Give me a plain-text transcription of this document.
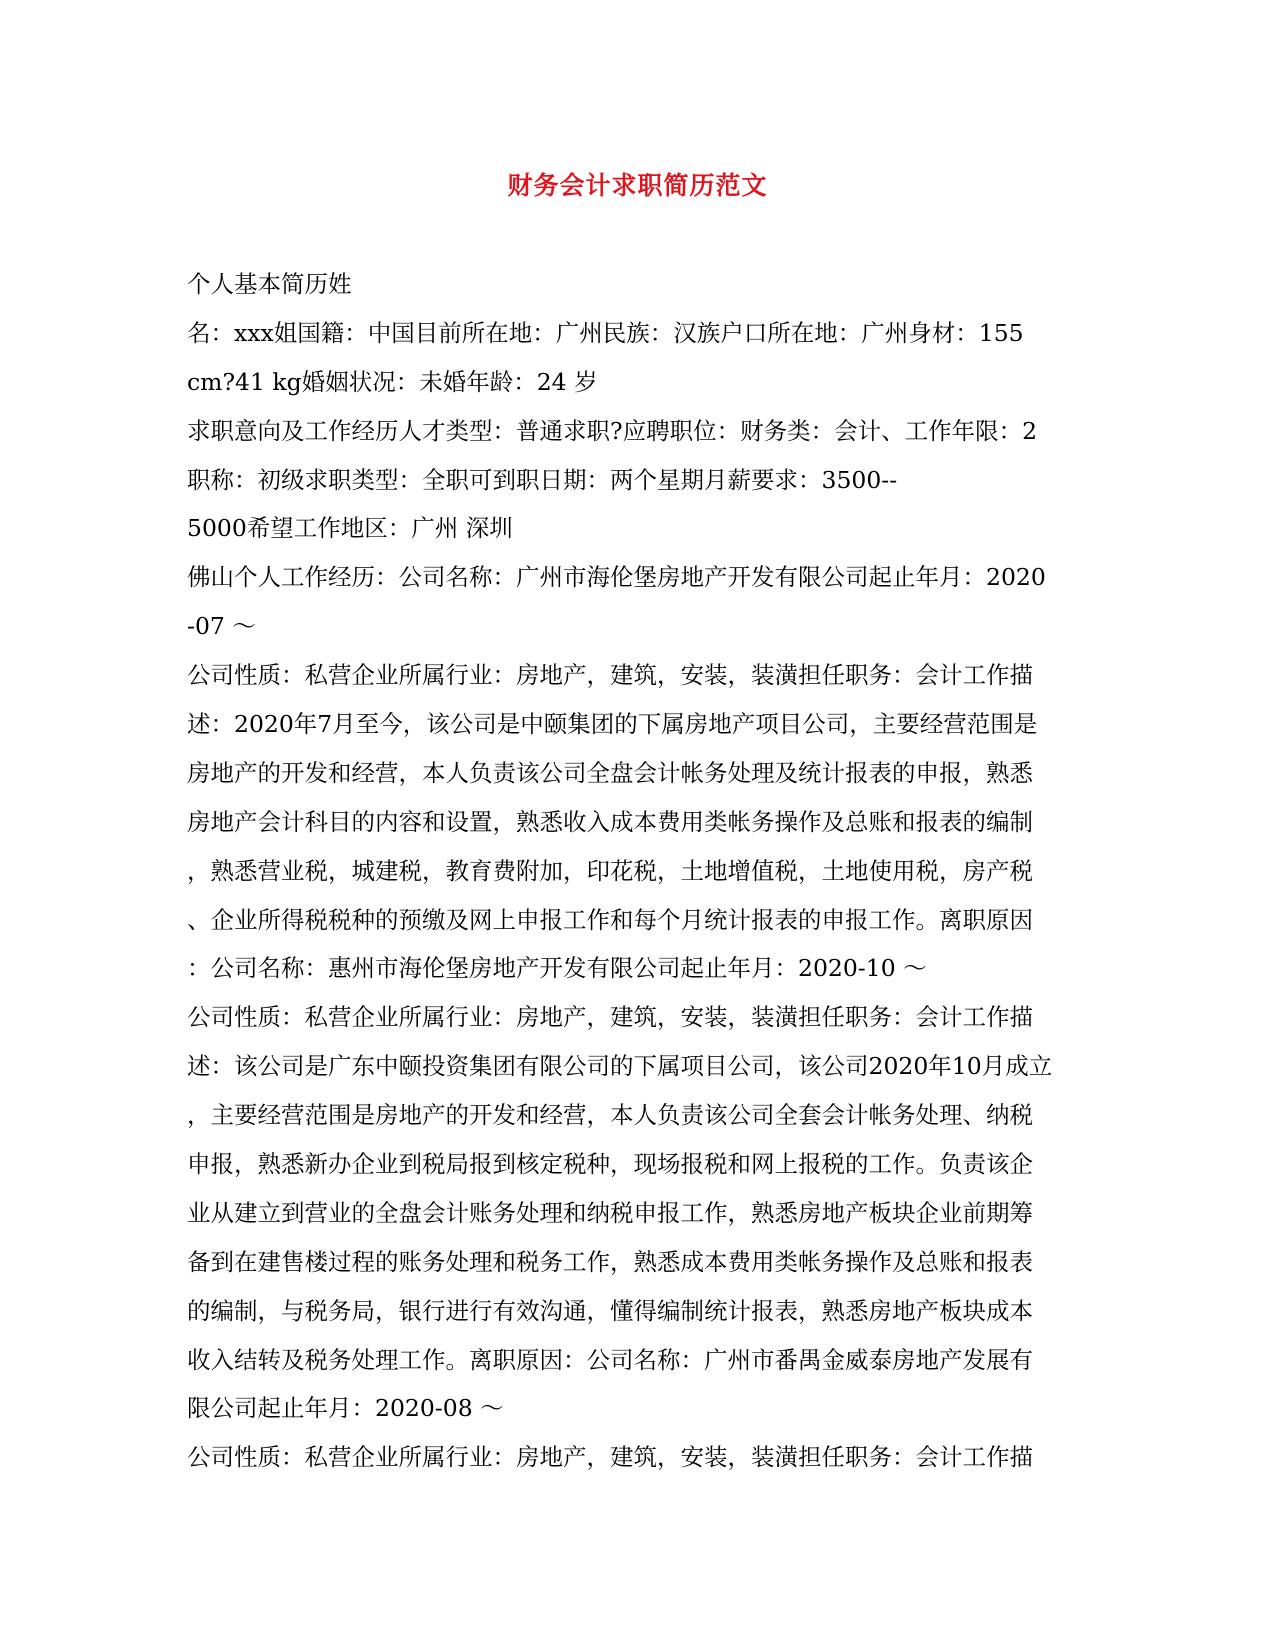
财务会计求职简历范文
个人基本简历姓
名：xxx姐国籍：中国目前所在地：广州民族：汉族户口所在地：广州身材：155
cm?41 kg婚姻状况：未婚年龄：24 岁
求职意向及工作经历人才类型：普通求职?应聘职位：财务类：会计、工作年限：2
职称：初级求职类型：全职可到职日期：两个星期月薪要求：3500--
5000希望工作地区：广州 深圳
佛山个人工作经历：公司名称：广州市海伦堡房地产开发有限公司起止年月：2020
-07 ～
公司性质：私营企业所属行业：房地产，建筑，安装，装潢担任职务：会计工作描
述：2020年7月至今，该公司是中颐集团的下属房地产项目公司，主要经营范围是
房地产的开发和经营，本人负责该公司全盘会计帐务处理及统计报表的申报，熟悉
房地产会计科目的内容和设置，熟悉收入成本费用类帐务操作及总账和报表的编制
，熟悉营业税，城建税，教育费附加，印花税，土地增值税，土地使用税，房产税
、企业所得税税种的预缴及网上申报工作和每个月统计报表的申报工作。离职原因
：公司名称：惠州市海伦堡房地产开发有限公司起止年月：2020-10 ～
公司性质：私营企业所属行业：房地产，建筑，安装，装潢担任职务：会计工作描
述：该公司是广东中颐投资集团有限公司的下属项目公司，该公司2020年10月成立
，主要经营范围是房地产的开发和经营，本人负责该公司全套会计帐务处理、纳税
申报，熟悉新办企业到税局报到核定税种，现场报税和网上报税的工作。负责该企
业从建立到营业的全盘会计账务处理和纳税申报工作，熟悉房地产板块企业前期筹
备到在建售楼过程的账务处理和税务工作，熟悉成本费用类帐务操作及总账和报表
的编制，与税务局，银行进行有效沟通，懂得编制统计报表，熟悉房地产板块成本
收入结转及税务处理工作。离职原因：公司名称：广州市番禺金威泰房地产发展有
限公司起止年月：2020-08 ～
公司性质：私营企业所属行业：房地产，建筑，安装，装潢担任职务：会计工作描
